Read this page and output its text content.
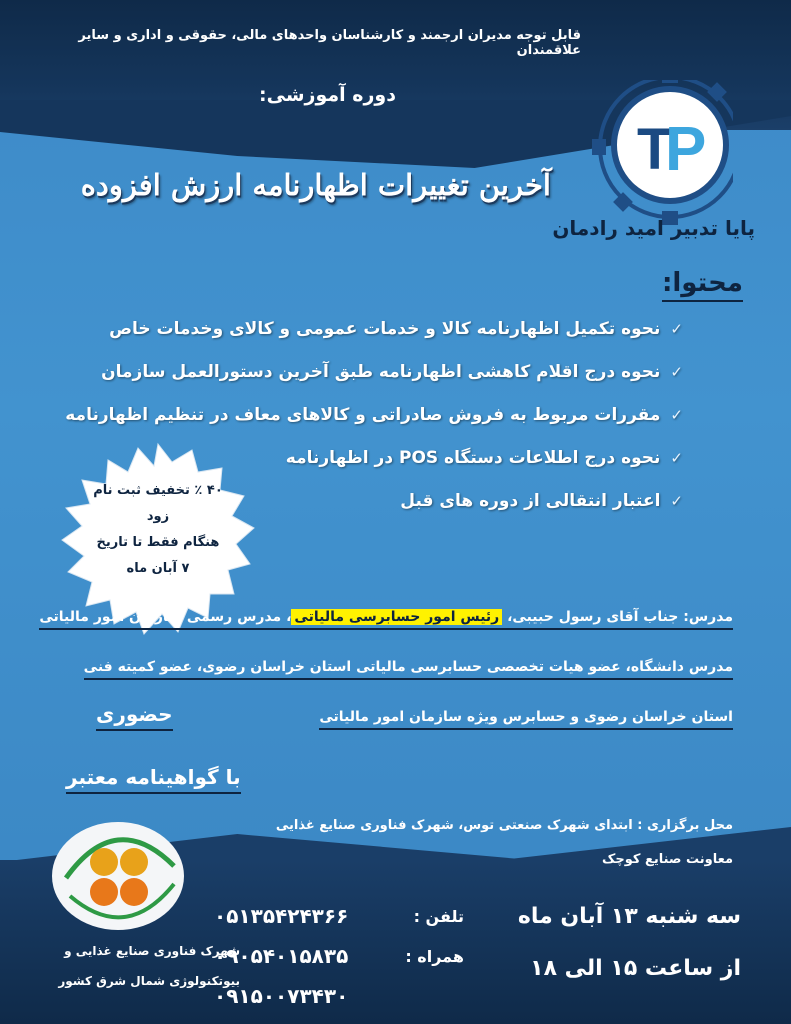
قابل توجه مدیران ارجمند و کارشناسان واحدهای مالی، حقوقی و اداری و سایر علاقمندان
دوره آموزشی:
آخرین تغییرات اظهارنامه ارزش افزوده
T
P
پایا تدبیر امید رادمان
محتوا:
✓نحوه تکمیل اظهارنامه کالا و خدمات عمومی و کالای وخدمات خاص
✓نحوه درج اقلام کاهشی اظهارنامه طبق آخرین دستورالعمل سازمان
✓مقررات مربوط به فروش صادراتی و کالاهای معاف در تنظیم اظهارنامه
✓نحوه درج اطلاعات دستگاه POS در اظهارنامه
✓اعتبار انتقالی از دوره های قبل
۴۰ ٪ تخفیف ثبت نام زود
هنگام فقط تا تاریخ
۷ آبان ماه
مدرس: جناب آقای رسول حبیبی، رئیس امور حسابرسی مالیاتی، مدرس رسمی سازمان امور مالیاتی
مدرس دانشگاه، عضو هیات تخصصی حسابرسی مالیاتی استان خراسان رضوی، عضو کمیته فنی
استان خراسان رضوی و حسابرس ویژه سازمان امور مالیاتی
حضوری
با گواهینامه معتبر
محل برگزاری : ابتدای شهرک صنعتی توس، شهرک فناوری صنایع غذایی
معاونت صنایع کوچک
شهرک فناوری صنایع غذایی و
بیوتکنولوژی شمال شرق کشور
سه شنبه ۱۳ آبان ماه
از ساعت ۱۵ الی ۱۸
۰۵۱۳۵۴۲۴۳۶۶	تلفن :
۰۹۰۵۴۰۱۵۸۳۵	همراه :
۰۹۱۵۰۰۷۳۴۳۰
